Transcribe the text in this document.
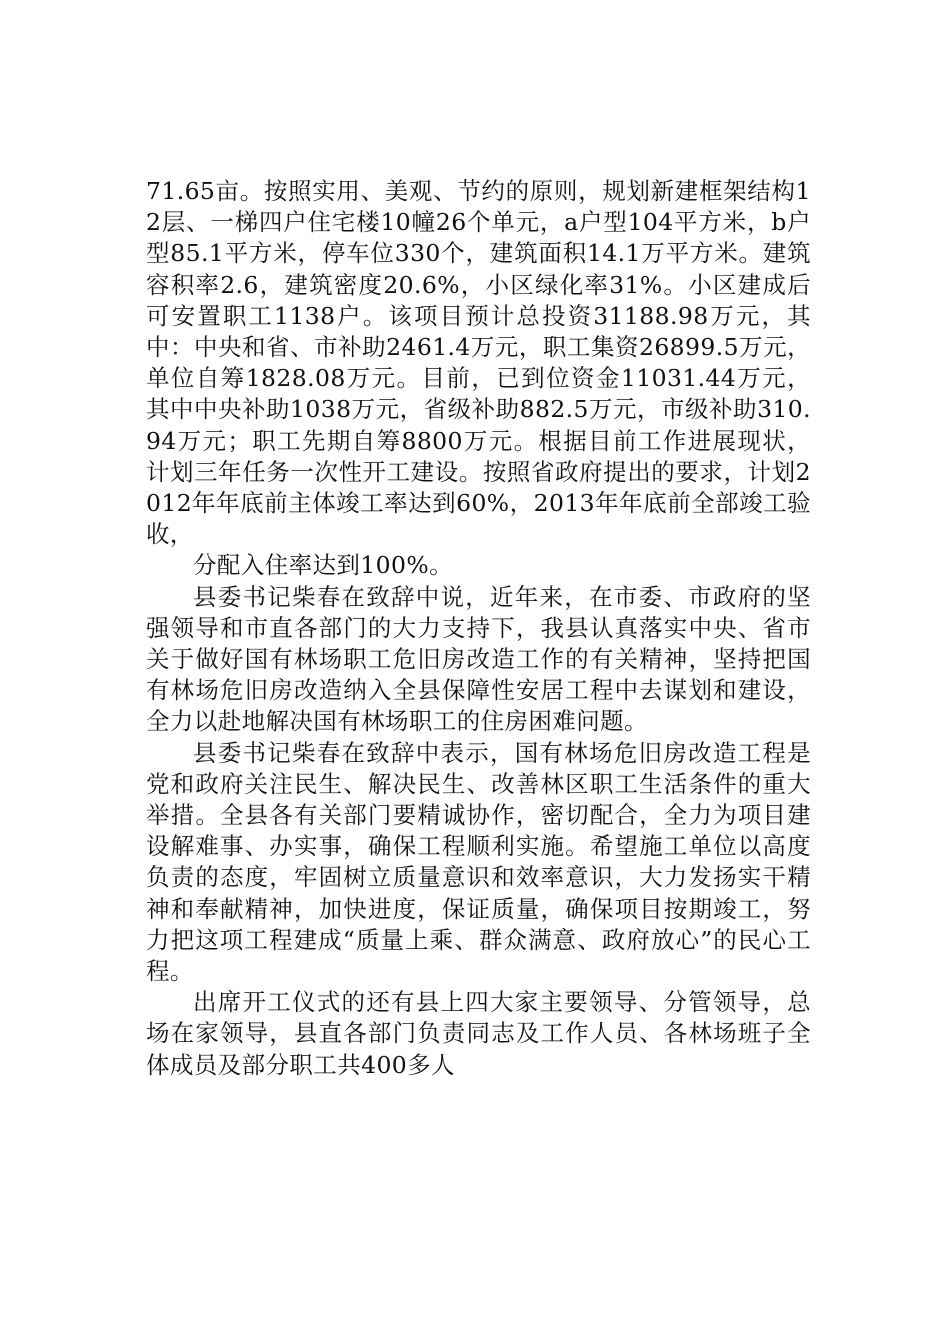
71.65亩。按照实用、美观、节约的原则，规划新建框架结构12层、一梯四户住宅楼10幢26个单元，a户型104平方米，b户型85.1平方米，停车位330个，建筑面积14.1万平方米。建筑容积率2.6，建筑密度20.6%，小区绿化率31%。小区建成后可安置职工1138户。该项目预计总投资31188.98万元，其中：中央和省、市补助2461.4万元，职工集资26899.5万元，单位自筹1828.08万元。目前，已到位资金11031.44万元，其中中央补助1038万元，省级补助882.5万元，市级补助310.94万元；职工先期自筹8800万元。根据目前工作进展现状，计划三年任务一次性开工建设。按照省政府提出的要求，计划2012年年底前主体竣工率达到60%，2013年年底前全部竣工验收，

分配入住率达到100%。

县委书记柴春在致辞中说，近年来，在市委、市政府的坚强领导和市直各部门的大力支持下，我县认真落实中央、省市关于做好国有林场职工危旧房改造工作的有关精神，坚持把国有林场危旧房改造纳入全县保障性安居工程中去谋划和建设，全力以赴地解决国有林场职工的住房困难问题。

县委书记柴春在致辞中表示，国有林场危旧房改造工程是党和政府关注民生、解决民生、改善林区职工生活条件的重大举措。全县各有关部门要精诚协作，密切配合，全力为项目建设解难事、办实事，确保工程顺利实施。希望施工单位以高度负责的态度，牢固树立质量意识和效率意识，大力发扬实干精神和奉献精神，加快进度，保证质量，确保项目按期竣工，努力把这项工程建成“质量上乘、群众满意、政府放心”的民心工程。

出席开工仪式的还有县上四大家主要领导、分管领导，总场在家领导，县直各部门负责同志及工作人员、各林场班子全体成员及部分职工共400多人
